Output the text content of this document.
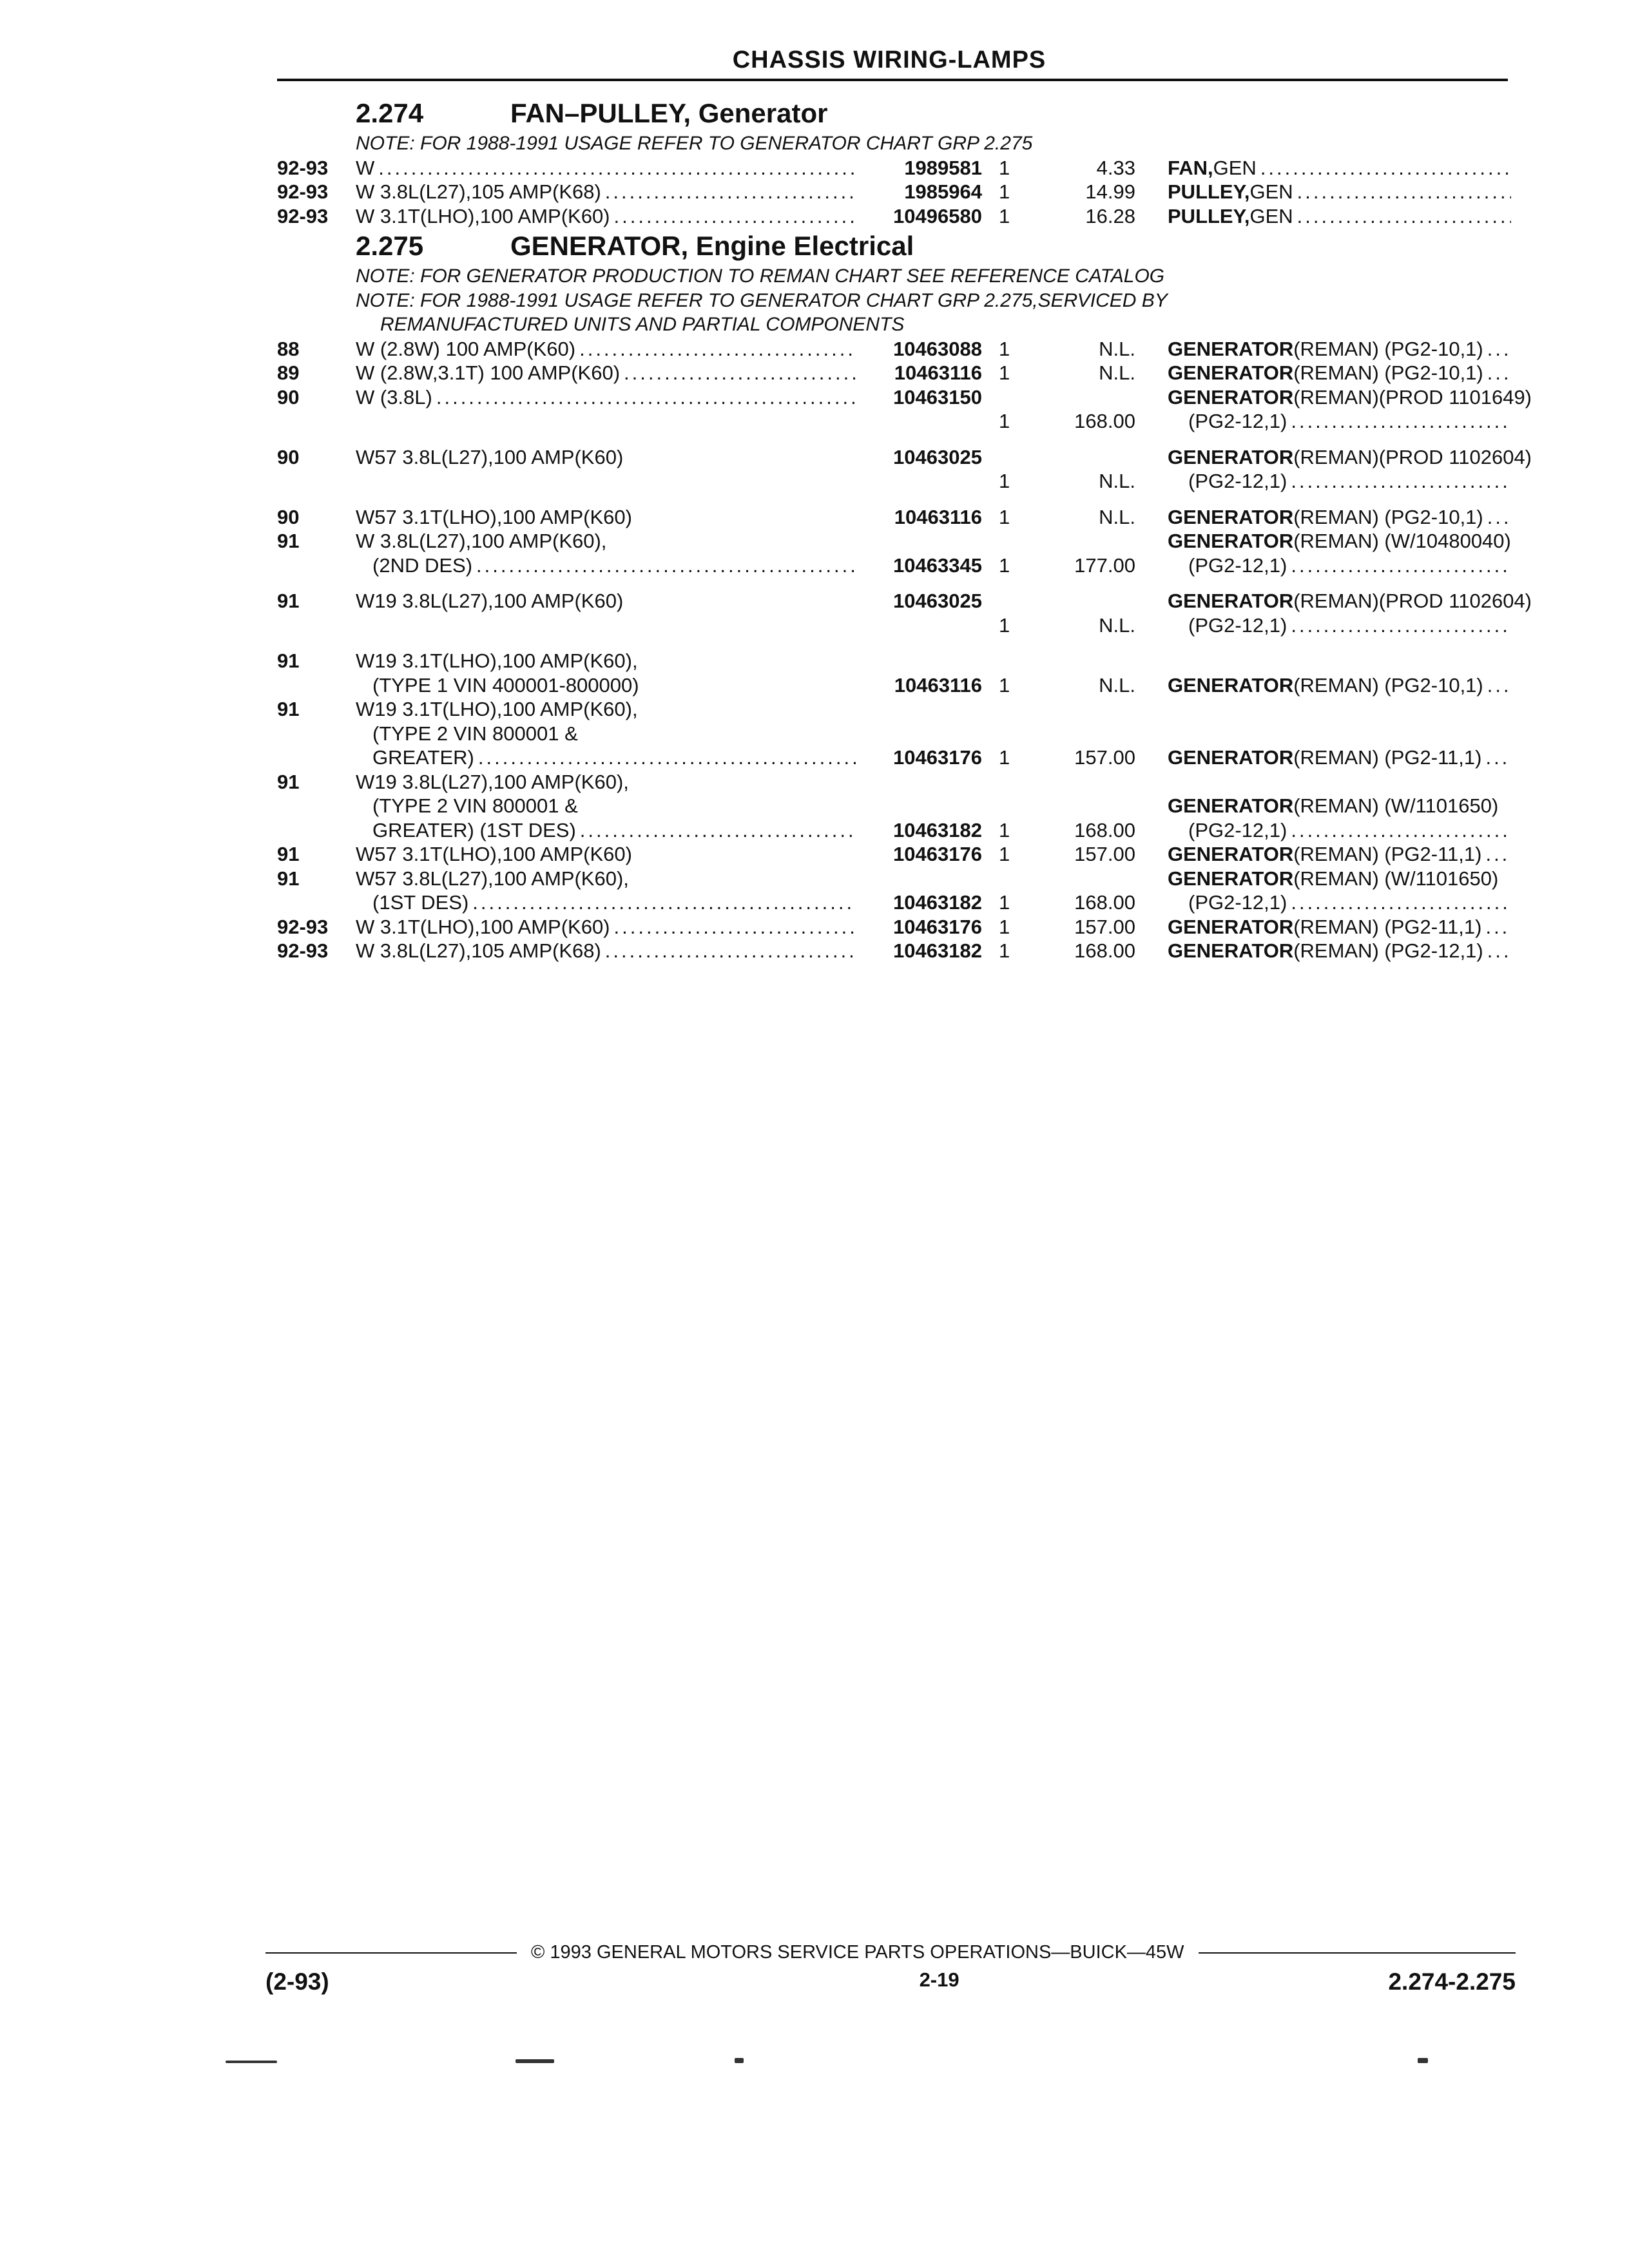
CHASSIS WIRING-LAMPS
2.274	FAN–PULLEY, Generator
NOTE: FOR 1988-1991 USAGE REFER TO GENERATOR CHART GRP 2.275
92-93	W .....	1989581 1	4.33 FAN, GEN
.....
92-93	W 3.8L(L27),105 AMP(K68) .....	1985964 1	14.99 PULLEY, GEN
.....
92-93	W 3.1T(LHO),100 AMP(K60) .....	10496580 1	16.28 PULLEY, GEN
.....
2.275	GENERATOR, Engine Electrical
NOTE: FOR GENERATOR PRODUCTION TO REMAN CHART SEE REFERENCE CATALOG
NOTE: FOR 1988-1991 USAGE REFER TO GENERATOR CHART GRP 2.275,SERVICED BY
REMANUFACTURED UNITS AND PARTIAL COMPONENTS
88	W (2.8W) 100 AMP(K60) .....	10463088 1	N.L. GENERATOR (REMAN) (PG2-10,1)
.....
89	W (2.8W,3.1T) 100 AMP(K60) .....	10463116 1	N.L. GENERATOR (REMAN) (PG2-10,1)
.....
90	W (3.8L) .....	10463150
1	168.00
GENERATOR (REMAN)(PROD 1101649)
(PG2-12,1)
.....
90	W57 3.8L(L27),100 AMP(K60)	10463025
1	N.L.
GENERATOR (REMAN)(PROD 1102604)
(PG2-12,1)
.....
90	W57 3.1T(LHO),100 AMP(K60)	10463116 1	N.L. GENERATOR (REMAN) (PG2-10,1)
.....
91	W 3.8L(L27),100 AMP(K60),
(2ND DES) .....	10463345 1	177.00
GENERATOR (REMAN) (W/10480040)
(PG2-12,1)
.....
91	W19 3.8L(L27),100 AMP(K60)	10463025
1	N.L.
GENERATOR (REMAN)(PROD 1102604)
(PG2-12,1)
.....
91	W19 3.1T(LHO),100 AMP(K60),
(TYPE 1 VIN 400001-800000)	10463116 1	N.L. GENERATOR (REMAN) (PG2-10,1)
.....
91	W19 3.1T(LHO),100 AMP(K60),
(TYPE 2 VIN 800001 &
GREATER) .....	10463176 1	157.00 GENERATOR (REMAN) (PG2-11,1)
.....
91	W19 3.8L(L27),100 AMP(K60),
(TYPE 2 VIN 800001 &
GREATER) (1ST DES) .....	10463182 1	168.00
GENERATOR (REMAN) (W/1101650)
(PG2-12,1)
.....
91	W57 3.1T(LHO),100 AMP(K60)	10463176 1	157.00 GENERATOR (REMAN) (PG2-11,1)
.....
91	W57 3.8L(L27),100 AMP(K60),
(1ST DES) .....	10463182 1	168.00
GENERATOR (REMAN) (W/1101650)
(PG2-12,1)
.....
92-93	W 3.1T(LHO),100 AMP(K60) .....	10463176 1	157.00 GENERATOR (REMAN) (PG2-11,1)
.....
92-93	W 3.8L(L27),105 AMP(K68) .....	10463182 1	168.00 GENERATOR (REMAN) (PG2-12,1)
.....
© 1993 GENERAL MOTORS SERVICE PARTS OPERATIONS—BUICK—45W
(2-93)	2-19	2.274-2.275
